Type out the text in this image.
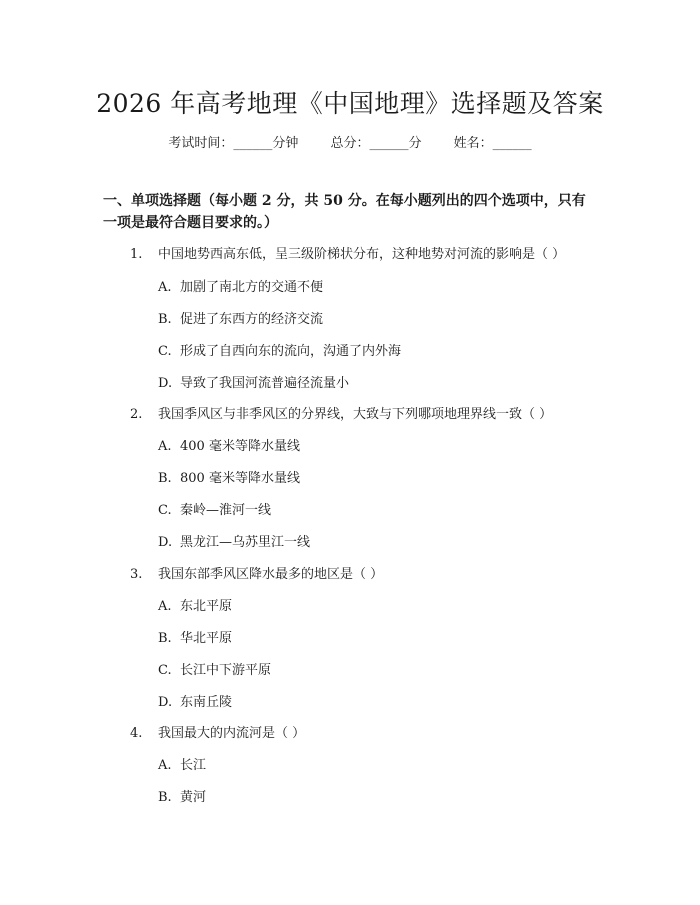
2026 年高考地理《中国地理》选择题及答案
考试时间：______分钟 总分：______分 姓名：______
一、单项选择题（每小题 2 分，共 50 分。在每小题列出的四个选项中，只有一项是最符合题目要求的。）
1. 中国地势西高东低，呈三级阶梯状分布，这种地势对河流的影响是（ ）
A. 加剧了南北方的交通不便
B. 促进了东西方的经济交流
C. 形成了自西向东的流向，沟通了内外海
D. 导致了我国河流普遍径流量小
2. 我国季风区与非季风区的分界线，大致与下列哪项地理界线一致（ ）
A. 400 毫米等降水量线
B. 800 毫米等降水量线
C. 秦岭—淮河一线
D. 黑龙江—乌苏里江一线
3. 我国东部季风区降水最多的地区是（ ）
A. 东北平原
B. 华北平原
C. 长江中下游平原
D. 东南丘陵
4. 我国最大的内流河是（ ）
A. 长江
B. 黄河
